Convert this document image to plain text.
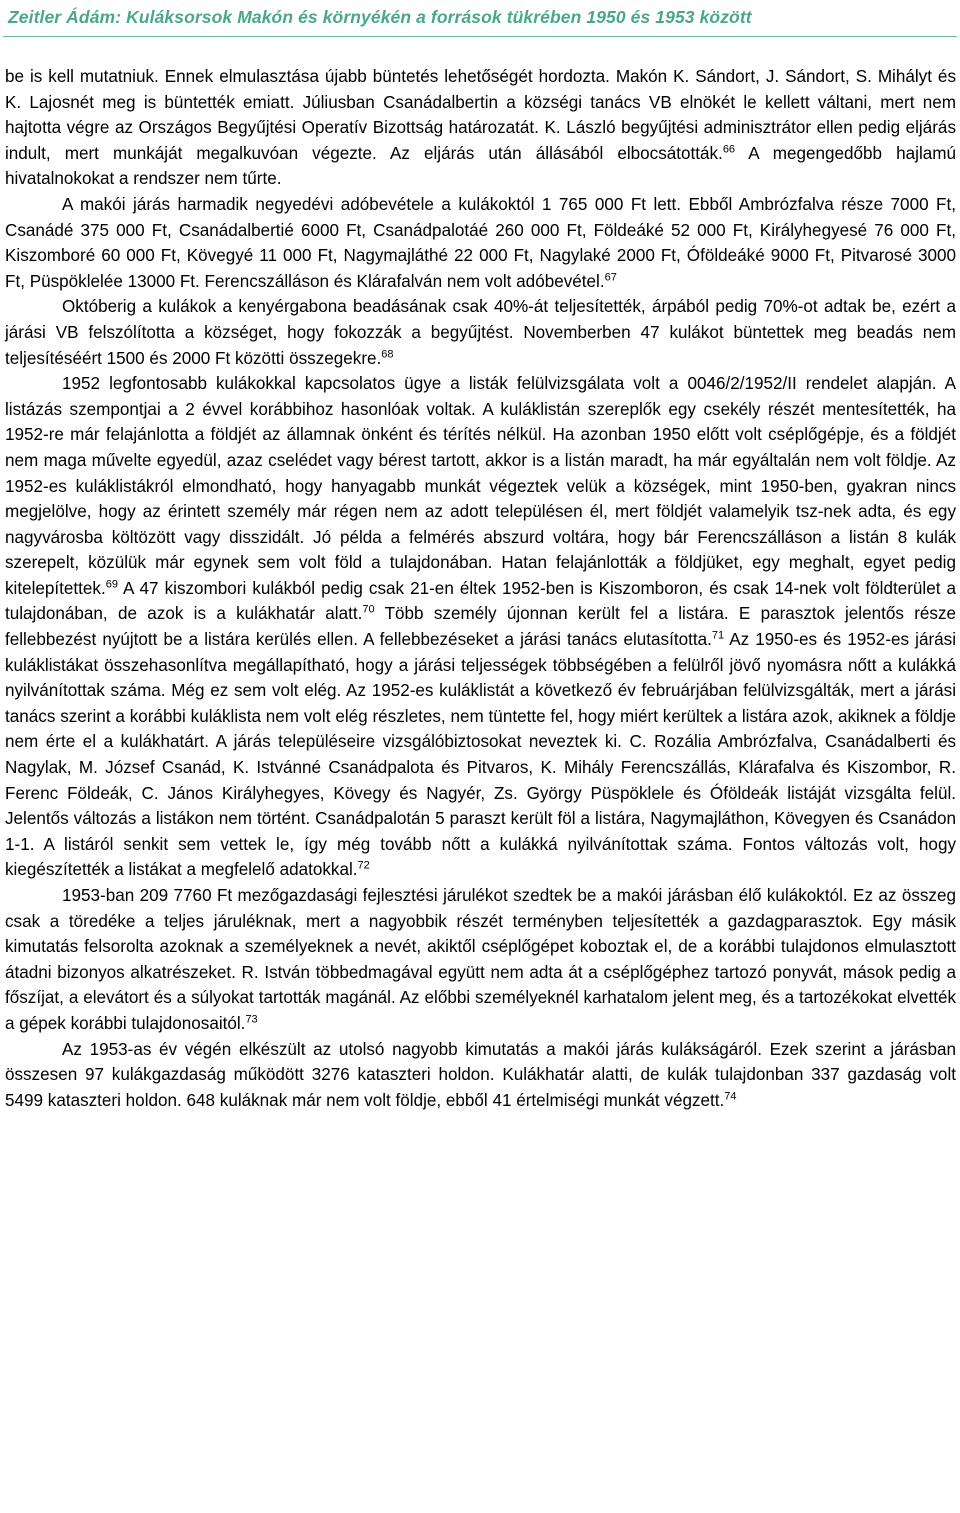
Zeitler Ádám: Kuláksorsok Makón és környékén a források tükrében 1950 és 1953 között

be is kell mutatniuk. Ennek elmulasztása újabb büntetés lehetőségét hordozta. Makón K. Sándort, J. Sándort, S. Mihályt és K. Lajosnét meg is büntették emiatt. Júliusban Csanádalbertin a községi tanács VB elnökét le kellett váltani, mert nem hajtotta végre az Országos Begyűjtési Operatív Bizottság határozatát. K. László begyűjtési adminisztrátor ellen pedig eljárás indult, mert munkáját megalkuvóan végezte. Az eljárás után állásából elbocsátották.$^{66}$ A megengedőbb hajlamú hivatalnokokat a rendszer nem tűrte.

A makói járás harmadik negyedévi adóbevétele a kulákoktól 1 765 000 Ft lett. Ebből Ambrózfalva része 7000 Ft, Csanádé 375 000 Ft, Csanádalbertié 6000 Ft, Csanádpalotáé 260 000 Ft, Földeáké 52 000 Ft, Királyhegyesé 76 000 Ft, Kiszomboré 60 000 Ft, Kövegyé 11 000 Ft, Nagymajláthé 22 000 Ft, Nagylaké 2000 Ft, Óföldeáké 9000 Ft, Pitvarosé 3000 Ft, Püspöklelée 13000 Ft. Ferencszálláson és Klárafalván nem volt adóbevétel.$^{67}$

Októberig a kulákok a kenyérgabona beadásának csak 40%-át teljesítették, árpából pedig 70%-ot adtak be, ezért a járási VB felszólította a községet, hogy fokozzák a begyűjtést. Novemberben 47 kulákot büntettek meg beadás nem teljesítéséért 1500 és 2000 Ft közötti összegekre.$^{68}$

1952 legfontosabb kulákokkal kapcsolatos ügye a listák felülvizsgálata volt a 0046/2/1952/II rendelet alapján. A listázás szempontjai a 2 évvel korábbihoz hasonlóak voltak. A kuláklistán szereplők egy csekély részét mentesítették, ha 1952-re már felajánlotta a földjét az államnak önként és térítés nélkül. Ha azonban 1950 előtt volt cséplőgépje, és a földjét nem maga művelte egyedül, azaz cselédet vagy bérest tartott, akkor is a listán maradt, ha már egyáltalán nem volt földje. Az 1952-es kuláklistákról elmondható, hogy hanyagabb munkát végeztek velük a községek, mint 1950-ben, gyakran nincs megjelölve, hogy az érintett személy már régen nem az adott településen él, mert földjét valamelyik tsz-nek adta, és egy nagyvárosba költözött vagy disszidált. Jó példa a felmérés abszurd voltára, hogy bár Ferencszálláson a listán 8 kulák szerepelt, közülük már egynek sem volt föld a tulajdonában. Hatan felajánlották a földjüket, egy meghalt, egyet pedig kitelepítettek.$^{69}$ A 47 kiszombori kulákból pedig csak 21-en éltek 1952-ben is Kiszomboron, és csak 14-nek volt földterület a tulajdonában, de azok is a kulákhatár alatt.$^{70}$ Több személy újonnan került fel a listára. E parasztok jelentős része fellebbezést nyújtott be a listára kerülés ellen. A fellebbezéseket a járási tanács elutasította.$^{71}$ Az 1950-es és 1952-es járási kuláklistákat összehasonlítva megállapítható, hogy a járási teljességek többségében a felülről jövő nyomásra nőtt a kulákká nyilvánítottak száma. Még ez sem volt elég. Az 1952-es kuláklistát a következő év februárjában felülvizsgálták, mert a járási tanács szerint a korábbi kuláklista nem volt elég részletes, nem tüntette fel, hogy miért kerültek a listára azok, akiknek a földje nem érte el a kulákhatárt. A járás településeire vizsgálóbiztosokat neveztek ki. C. Rozália Ambrózfalva, Csanádalberti és Nagylak, M. József Csanád, K. Istvánné Csanádpalota és Pitvaros, K. Mihály Ferencszállás, Klárafalva és Kiszombor, R. Ferenc Földeák, C. János Királyhegyes, Kövegy és Nagyér, Zs. György Püspöklele és Óföldeák listáját vizsgálta felül. Jelentős változás a listákon nem történt. Csanádpalotán 5 paraszt került föl a listára, Nagymajláthon, Kövegyen és Csanádon 1-1. A listáról senkit sem vettek le, így még tovább nőtt a kulákká nyilvánítottak száma. Fontos változás volt, hogy kiegészítették a listákat a megfelelő adatokkal.$^{72}$

1953-ban 209 7760 Ft mezőgazdasági fejlesztési járulékot szedtek be a makói járásban élő kulákoktól. Ez az összeg csak a töredéke a teljes járuléknak, mert a nagyobbik részét terményben teljesítették a gazdagparasztok. Egy másik kimutatás felsorolta azoknak a személyeknek a nevét, akiktől cséplőgépet koboztak el, de a korábbi tulajdonos elmulasztott átadni bizonyos alkatrészeket. R. István többedmagával együtt nem adta át a cséplőgéphez tartozó ponyvát, mások pedig a főszíjat, a elevátort és a súlyokat tartották magánál. Az előbbi személyeknél karhatalom jelent meg, és a tartozékokat elvették a gépek korábbi tulajdonosaitól.$^{73}$

Az 1953-as év végén elkészült az utolsó nagyobb kimutatás a makói járás kulákságáról. Ezek szerint a járásban összesen 97 kulákgazdaság működött 3276 kataszteri holdon. Kulákhatár alatti, de kulák tulajdonban 337 gazdaság volt 5499 kataszteri holdon. 648 kuláknak már nem volt földje, ebből 41 értelmiségi munkát végzett.$^{74}$
